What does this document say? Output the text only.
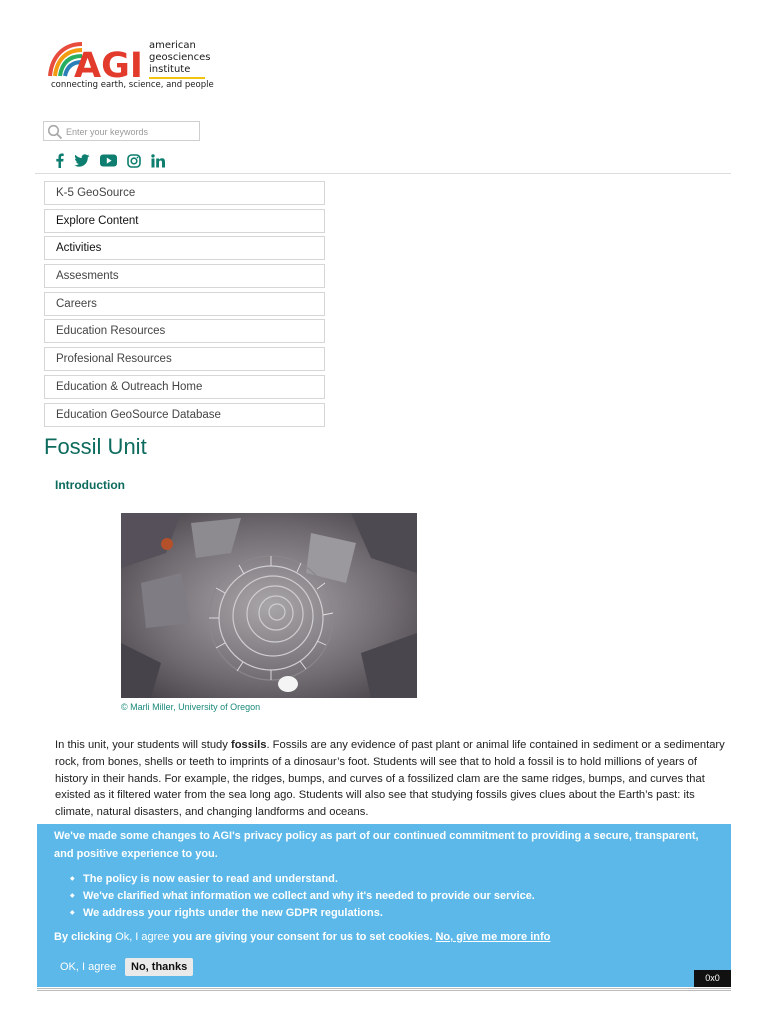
AGI
american
geosciences
institute
connecting earth, science, and people
Enter your keywords
K-5 GeoSource
Explore Content
Activities
Assesments
Careers
Education Resources
Profesional Resources
Education & Outreach Home
Education GeoSource Database
Fossil Unit
Introduction
© Marli Miller, University of Oregon

In this unit, your students will study fossils. Fossils are any evidence of past plant or animal life contained in sediment or a sedimentary rock, from bones, shells or teeth to imprints of a dinosaur’s foot. Students will see that to hold a fossil is to hold millions of years of history in their hands. For example, the ridges, bumps, and curves of a fossilized clam are the same ridges, bumps, and curves that existed as it filtered water from the sea long ago. Students will also see that studying fossils gives clues about the Earth’s past: its climate, natural disasters, and changing landforms and oceans.

We've made some changes to AGI's privacy policy as part of our continued commitment to providing a secure, transparent, and positive experience to you.
◆ The policy is now easier to read and understand.
◆ We've clarified what information we collect and why it's needed to provide our service.
◆ We address your rights under the new GDPR regulations.
By clicking Ok, I agree you are giving your consent for us to set cookies. No, give me more info
OK, I agree	No, thanks
0x0
